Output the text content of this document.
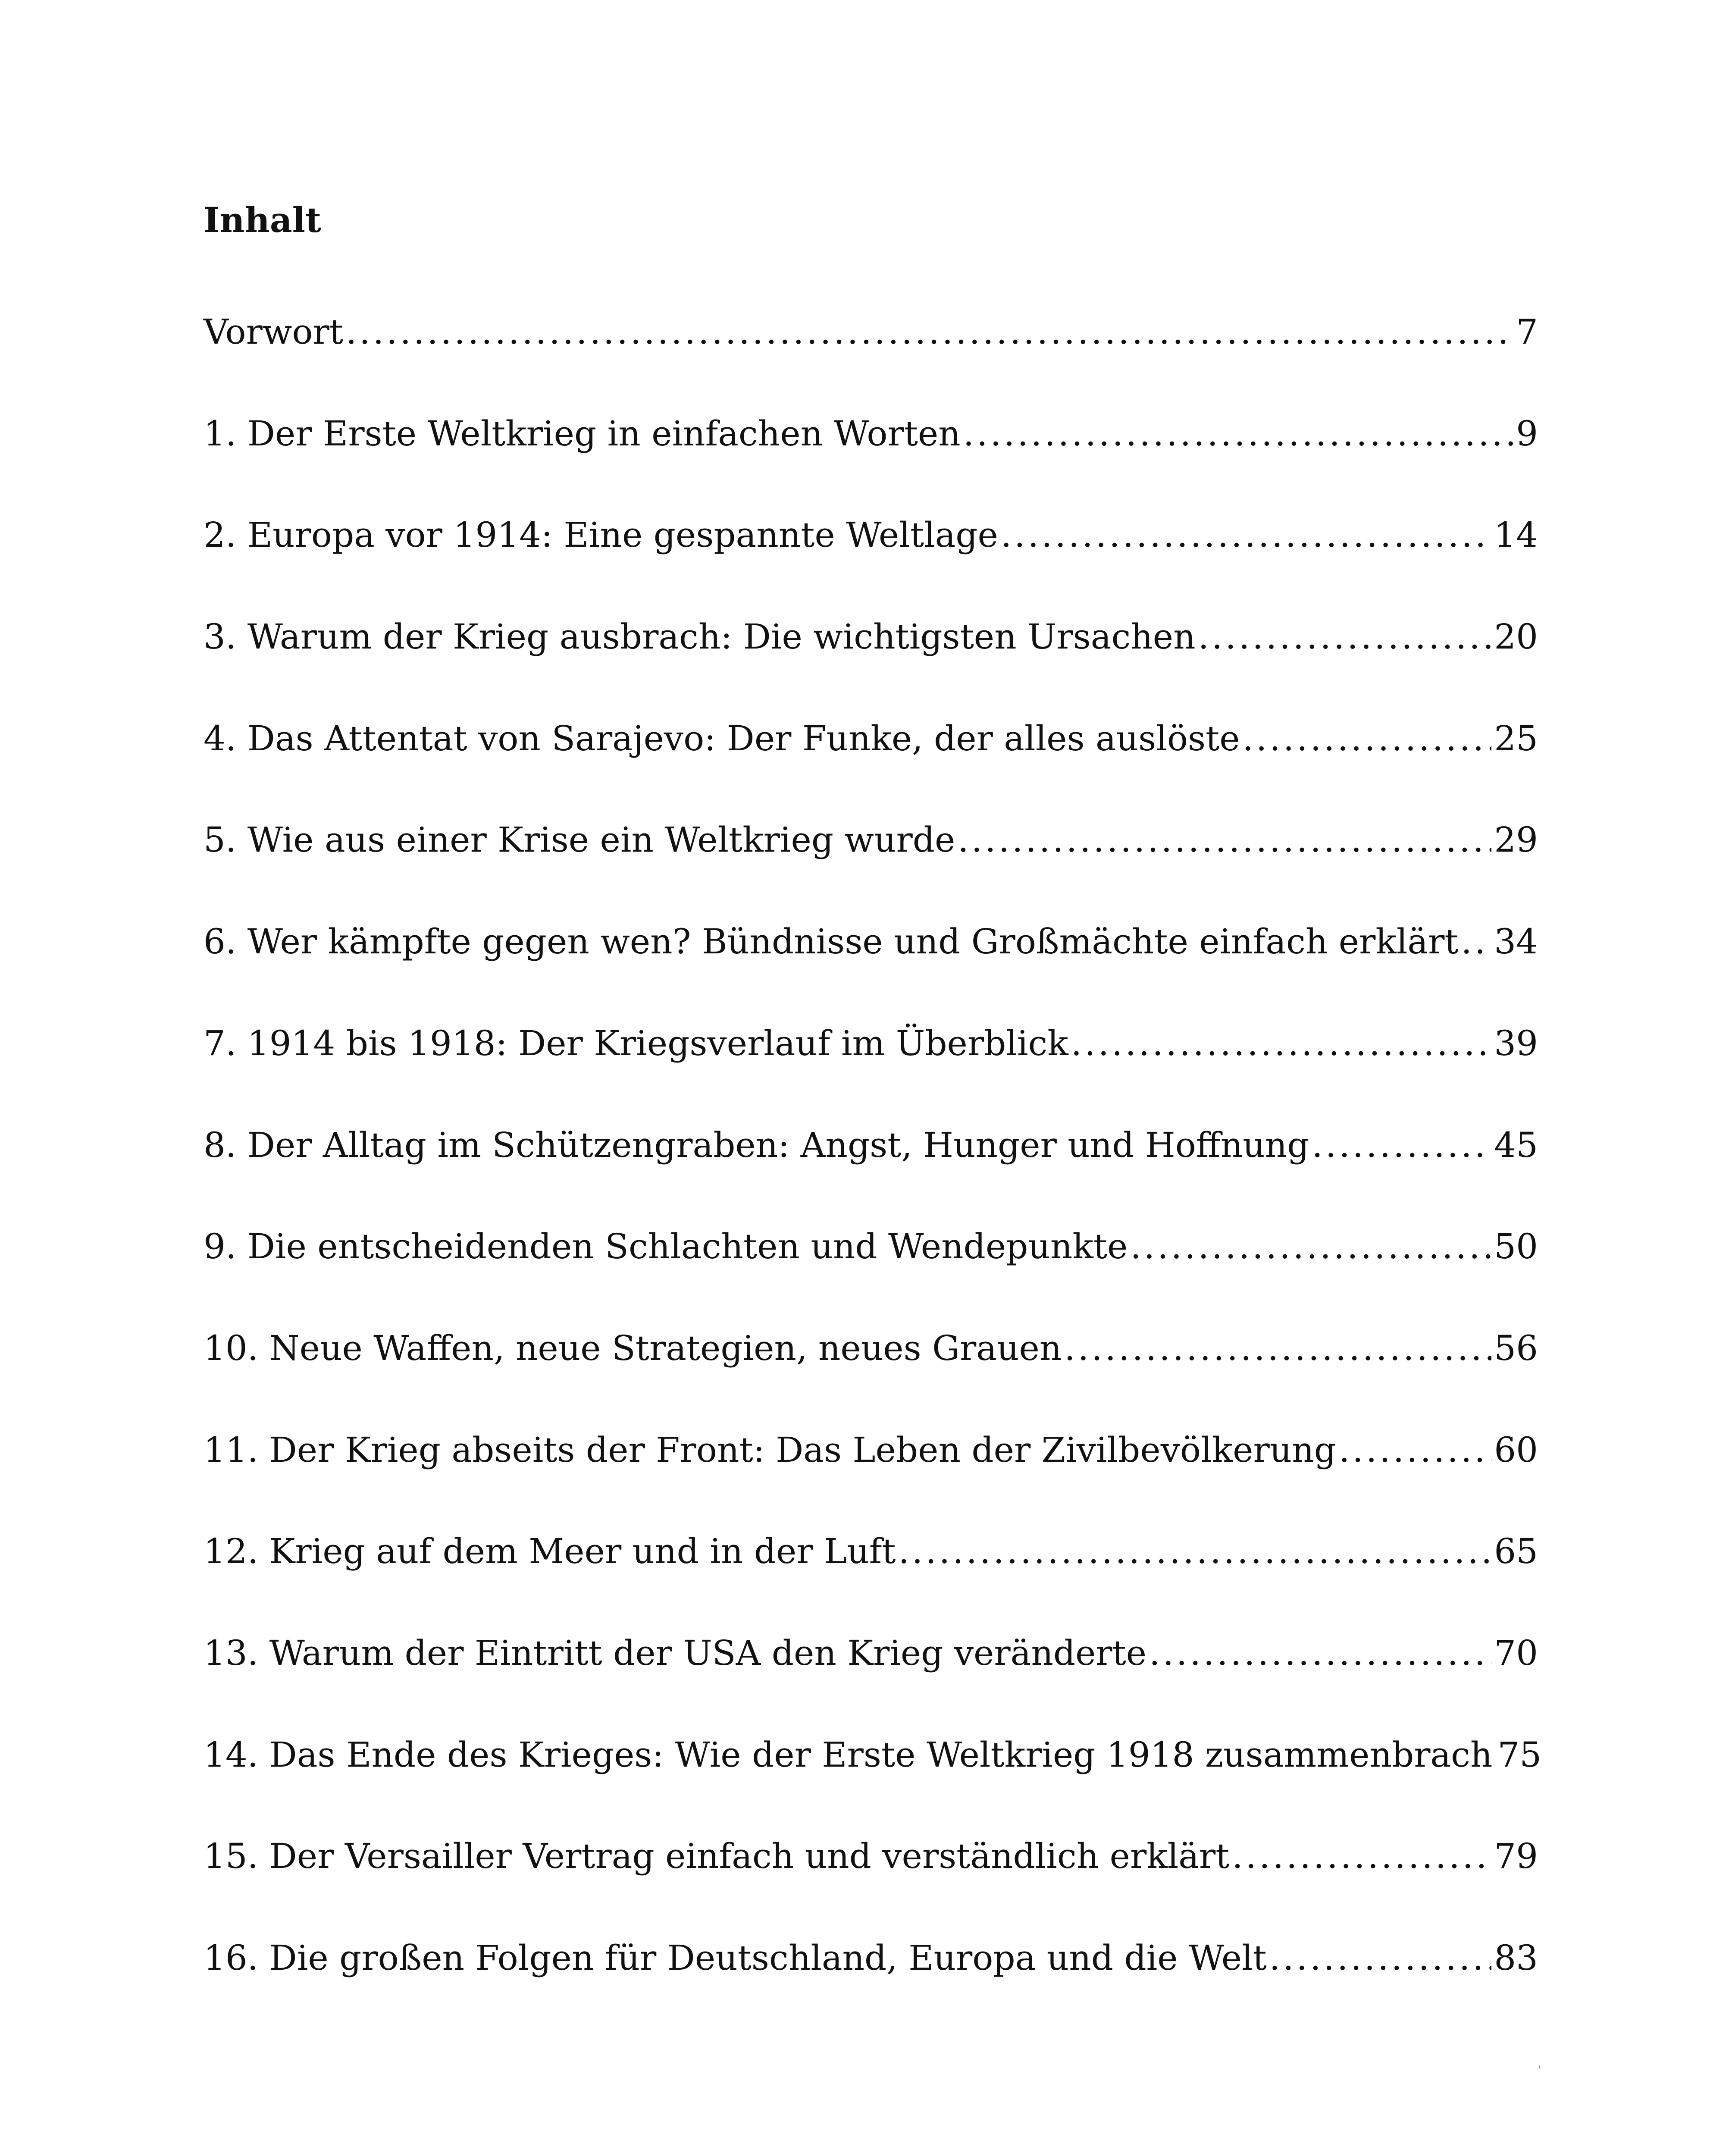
Inhalt
Vorwort .....	7
1. Der Erste Weltkrieg in einfachen Worten .....	9
2. Europa vor 1914: Eine gespannte Weltlage .....	14
3. Warum der Krieg ausbrach: Die wichtigsten Ursachen .....	20
4. Das Attentat von Sarajevo: Der Funke, der alles auslöste .....	25
5. Wie aus einer Krise ein Weltkrieg wurde .....	29
6. Wer kämpfte gegen wen? Bündnisse und Großmächte einfach erklärt ..... 34
7. 1914 bis 1918: Der Kriegsverlauf im Überblick .....	39
8. Der Alltag im Schützengraben: Angst, Hunger und Hoffnung .....	45
9. Die entscheidenden Schlachten und Wendepunkte .....	50
10. Neue Waffen, neue Strategien, neues Grauen .....	56
11. Der Krieg abseits der Front: Das Leben der Zivilbevölkerung .....	60
12. Krieg auf dem Meer und in der Luft .....	65
13. Warum der Eintritt der USA den Krieg veränderte .....	70
14. Das Ende des Krieges: Wie der Erste Weltkrieg 1918 zusammenbrach 75
15. Der Versailler Vertrag einfach und verständlich erklärt .....	79
16. Die großen Folgen für Deutschland, Europa und die Welt .....	83
'
